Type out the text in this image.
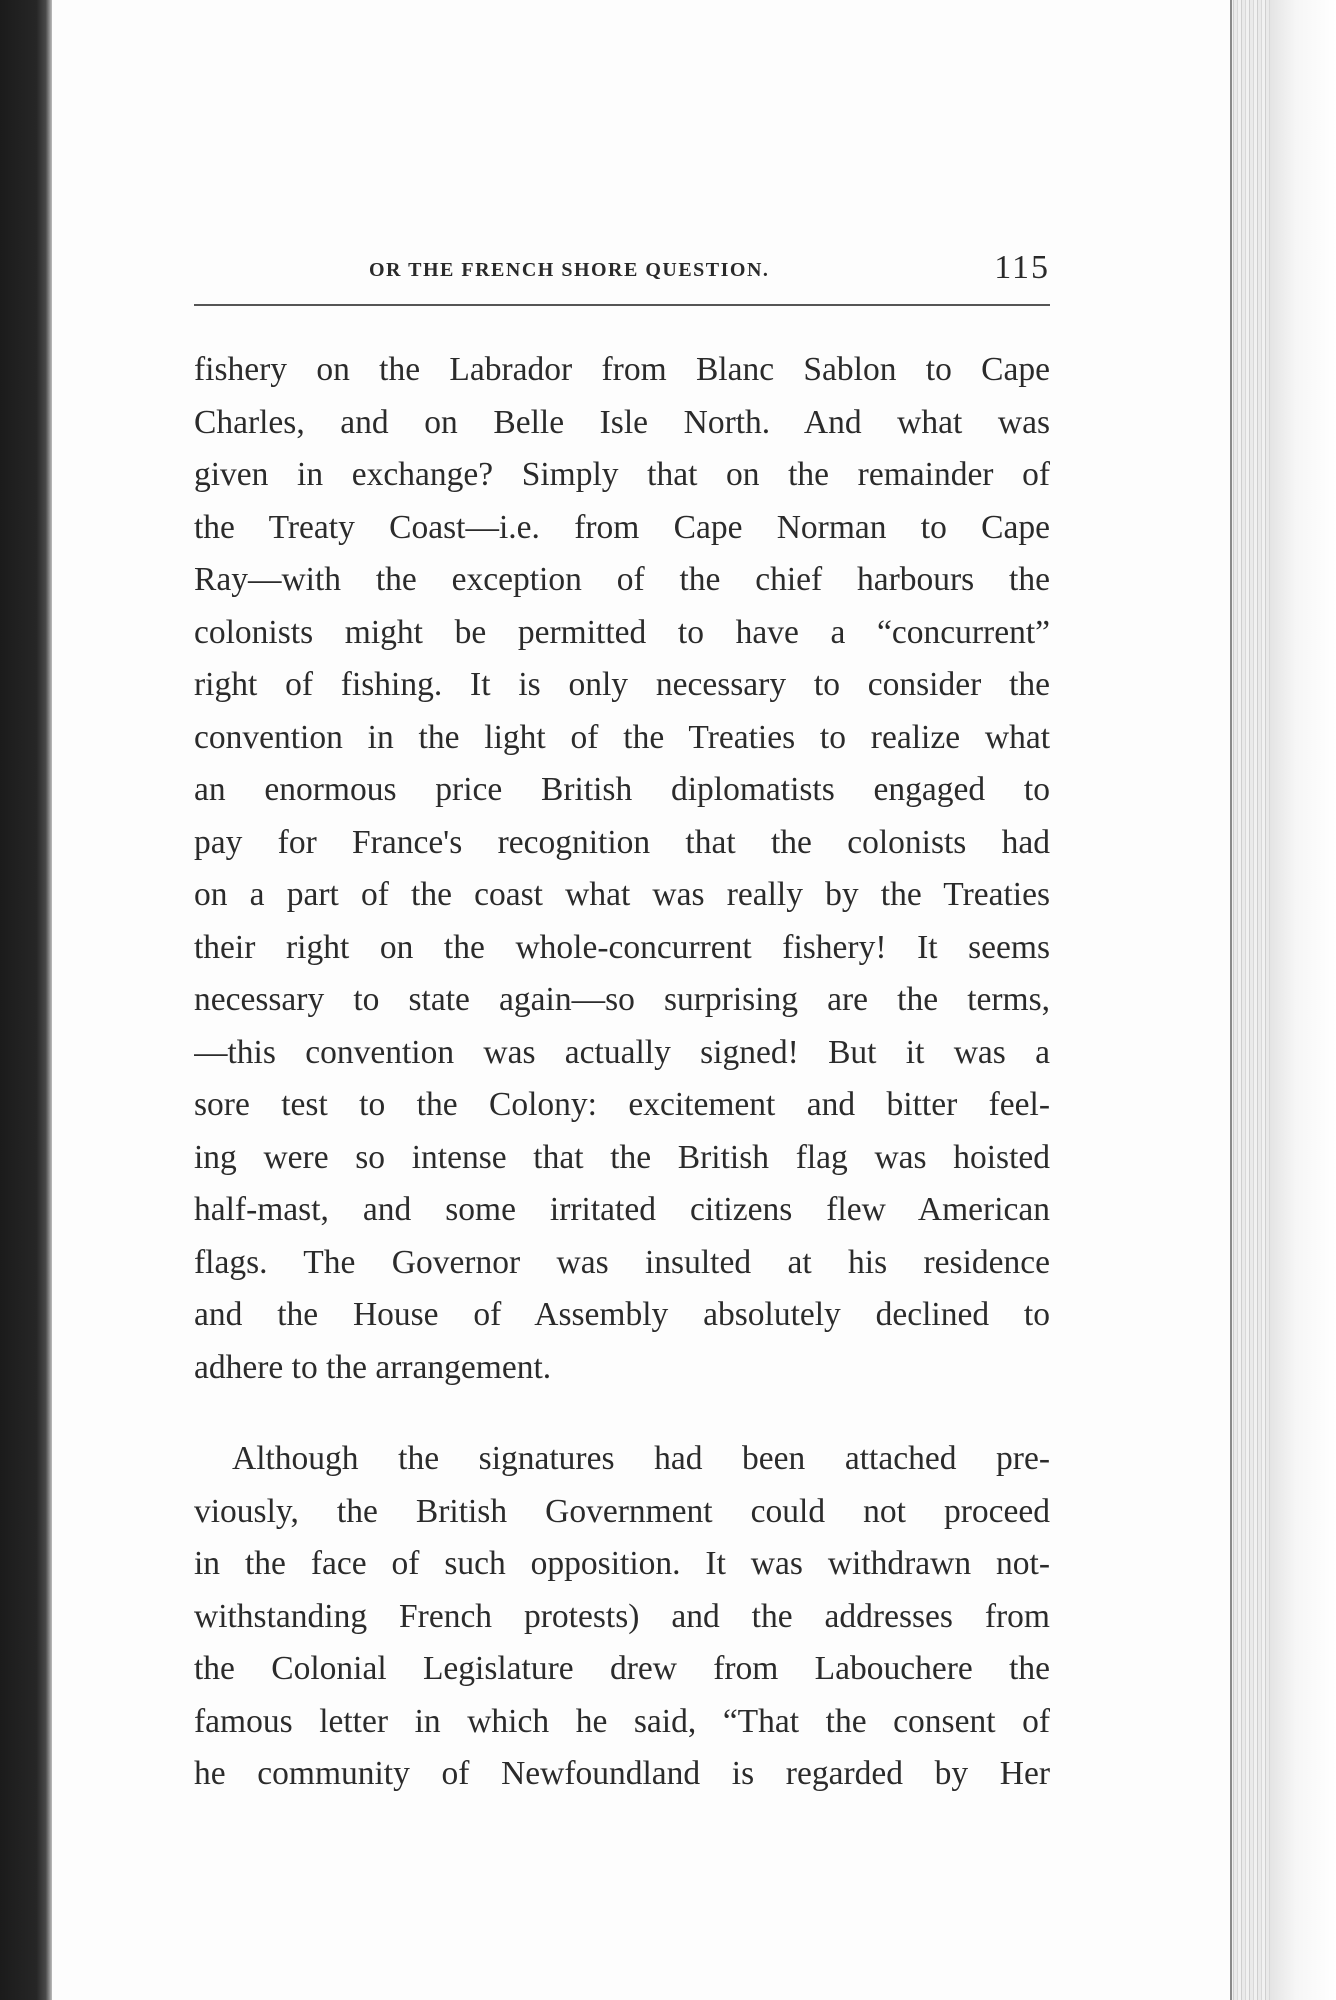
OR THE FRENCH SHORE QUESTION.	115
fishery on the Labrador from Blanc Sablon to Cape
Charles, and on Belle Isle North. And what was
given in exchange? Simply that on the remainder of
the Treaty Coast—i.e. from Cape Norman to Cape
Ray—with the exception of the chief harbours the
colonists might be permitted to have a “concurrent”
right of fishing. It is only necessary to consider the
convention in the light of the Treaties to realize what
an enormous price British diplomatists engaged to
pay for France's recognition that the colonists had
on a part of the coast what was really by the Treaties
their right on the whole-concurrent fishery! It seems
necessary to state again—so surprising are the terms,
—this convention was actually signed! But it was a
sore test to the Colony: excitement and bitter feel-
ing were so intense that the British flag was hoisted
half-mast, and some irritated citizens flew American
flags. The Governor was insulted at his residence
and the House of Assembly absolutely declined to
adhere to the arrangement.
Although the signatures had been attached pre-
viously, the British Government could not proceed
in the face of such opposition. It was withdrawn not-
withstanding French protests) and the addresses from
the Colonial Legislature drew from Labouchere the
famous letter in which he said, “That the consent of
he community of Newfoundland is regarded by Her
